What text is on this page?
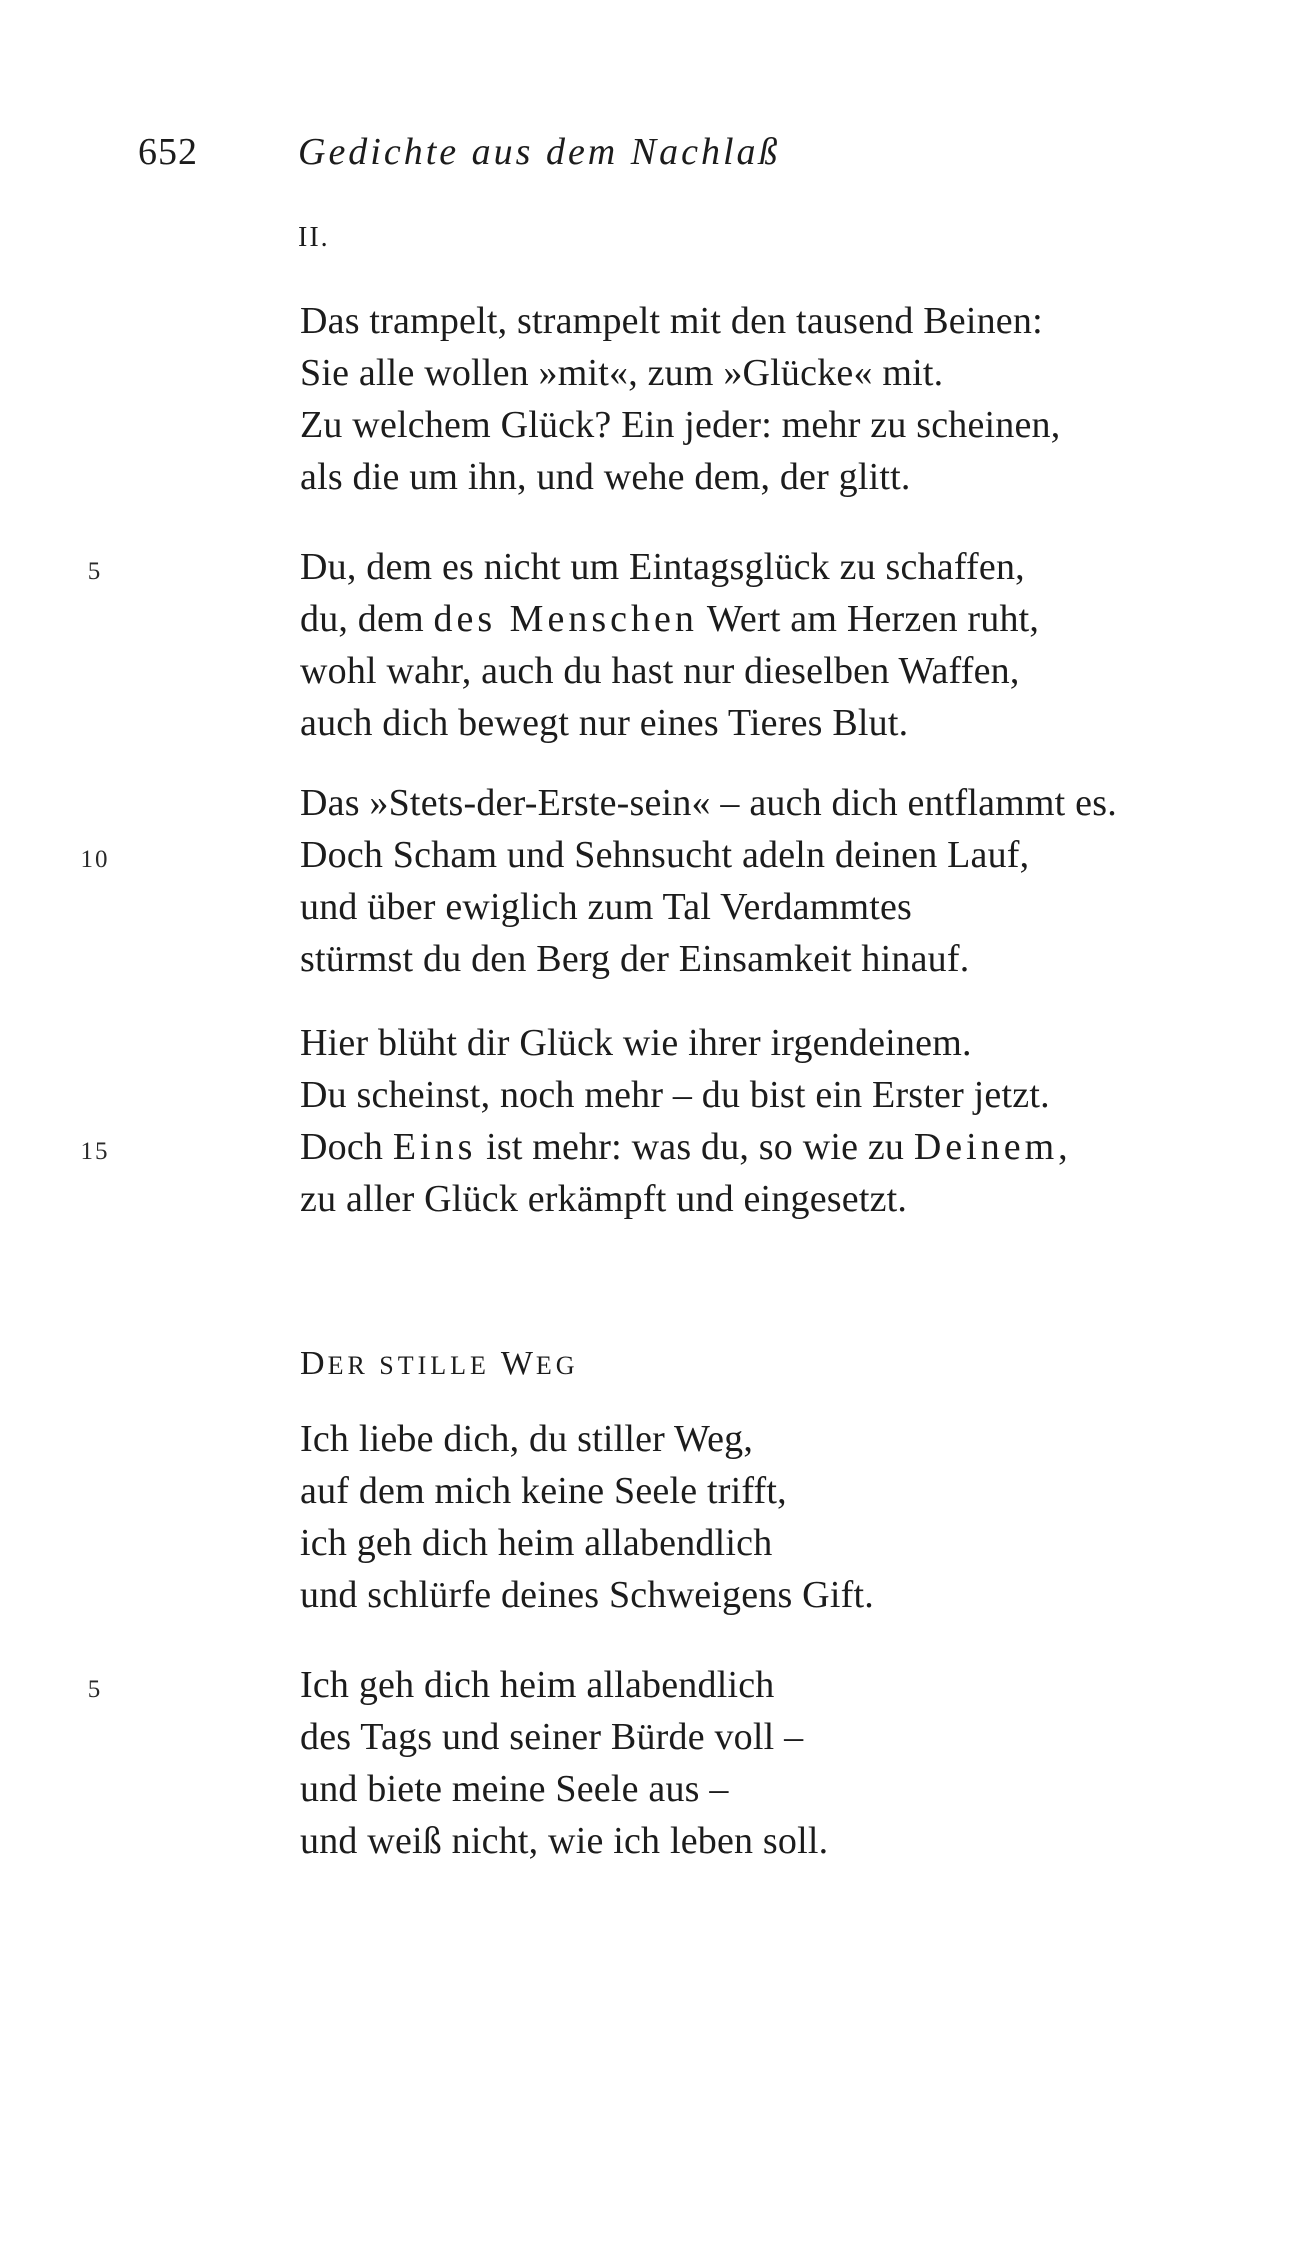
652	Gedichte aus dem Nachlaß
II.
Das trampelt, strampelt mit den tausend Beinen:
Sie alle wollen »mit«, zum »Glücke« mit.
Zu welchem Glück? Ein jeder: mehr zu scheinen,
als die um ihn, und wehe dem, der glitt.
5	Du, dem es nicht um Eintagsglück zu schaffen,
du, dem des Menschen Wert am Herzen ruht,
wohl wahr, auch du hast nur dieselben Waffen,
auch dich bewegt nur eines Tieres Blut.
Das »Stets-der-Erste-sein« – auch dich entflammt es.
10	Doch Scham und Sehnsucht adeln deinen Lauf,
und über ewiglich zum Tal Verdammtes
stürmst du den Berg der Einsamkeit hinauf.
Hier blüht dir Glück wie ihrer irgendeinem.
Du scheinst, noch mehr – du bist ein Erster jetzt.
15	Doch Eins ist mehr: was du, so wie zu Deinem,
zu aller Glück erkämpft und eingesetzt.
DER STILLE WEG
Ich liebe dich, du stiller Weg,
auf dem mich keine Seele trifft,
ich geh dich heim allabendlich
und schlürfe deines Schweigens Gift.
5	Ich geh dich heim allabendlich
des Tags und seiner Bürde voll –
und biete meine Seele aus –
und weiß nicht, wie ich leben soll.
